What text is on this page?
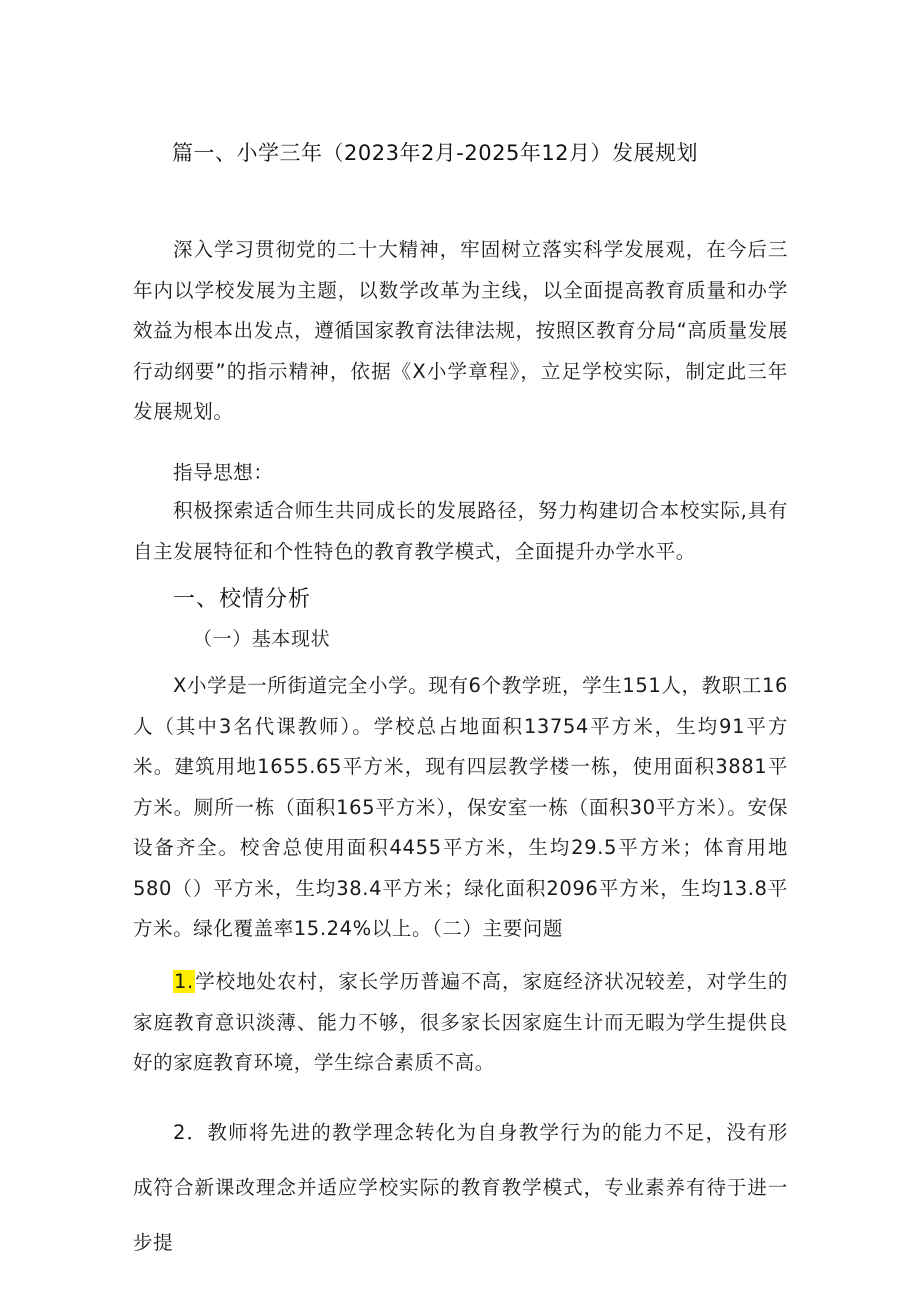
篇一、小学三年（2023年2月-2025年12月）发展规划
深入学习贯彻党的二十大精神，牢固树立落实科学发展观，在今后三年内以学校发展为主题，以数学改革为主线，以全面提高教育质量和办学效益为根本出发点，遵循国家教育法律法规，按照区教育分局“高质量发展行动纲要”的指示精神，依据《X小学章程》，立足学校实际，制定此三年发展规划。
指导思想：
积极探索适合师生共同成长的发展路径，努力构建切合本校实际,具有自主发展特征和个性特色的教育教学模式，全面提升办学水平。
一、校情分析
（一）基本现状
X小学是一所街道完全小学。现有6个教学班，学生151人，教职工16人（其中3名代课教师）。学校总占地面积13754平方米，生均91平方米。建筑用地1655.65平方米，现有四层教学楼一栋，使用面积3881平方米。厕所一栋（面积165平方米），保安室一栋（面积30平方米）。安保设备齐全。校舍总使用面积4455平方米，生均29.5平方米；体育用地580（）平方米，生均38.4平方米；绿化面积2096平方米，生均13.8平方米。绿化覆盖率15.24%以上。（二）主要问题
1.学校地处农村，家长学历普遍不高，家庭经济状况较差，对学生的家庭教育意识淡薄、能力不够，很多家长因家庭生计而无暇为学生提供良好的家庭教育环境，学生综合素质不高。
2．教师将先进的教学理念转化为自身教学行为的能力不足，没有形成符合新课改理念并适应学校实际的教育教学模式，专业素养有待于进一步提
